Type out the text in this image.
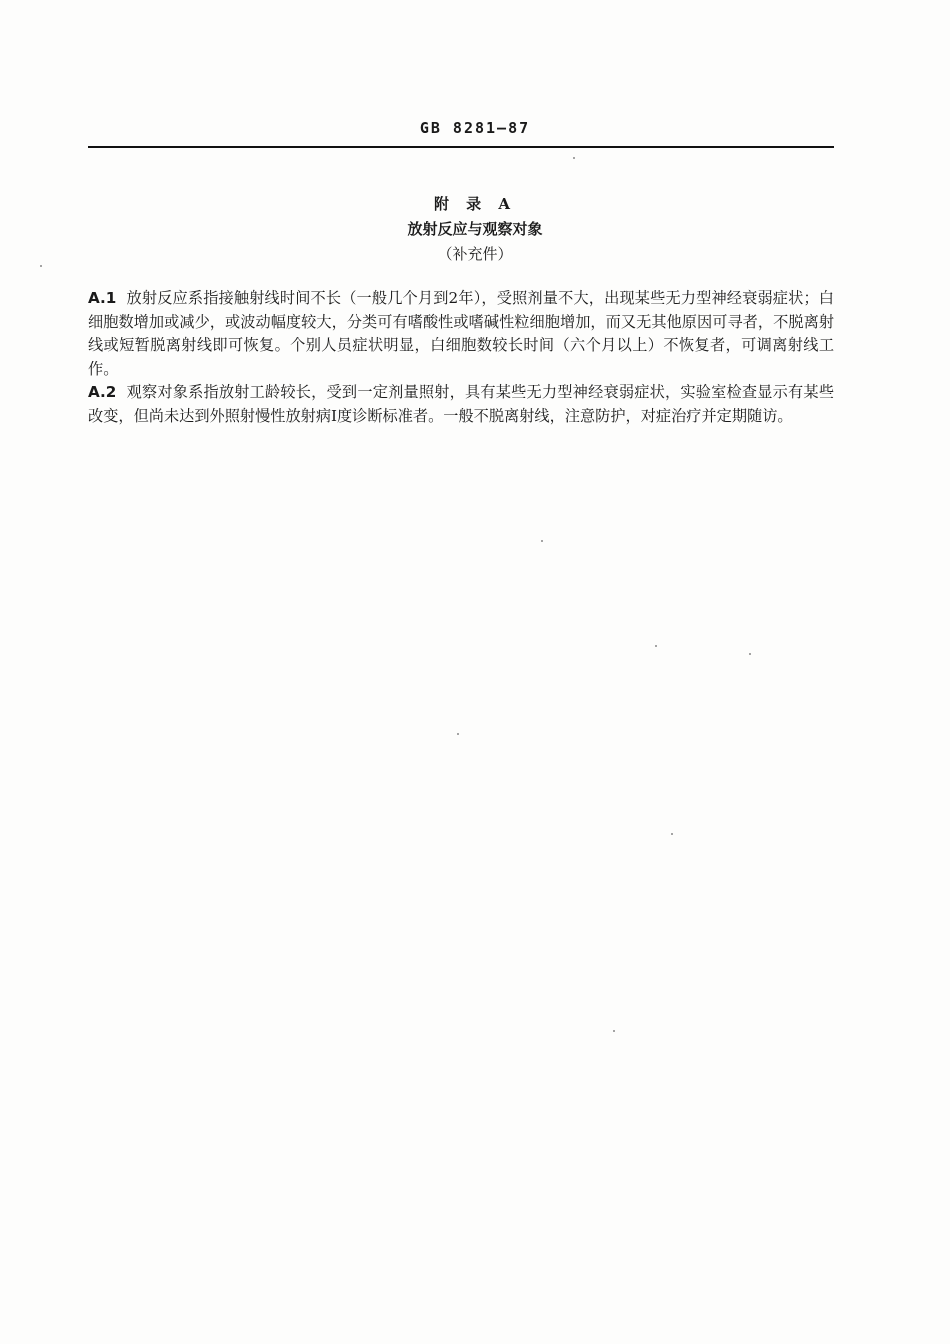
GB 8281—87
附 录 A
放射反应与观察对象
（补充件）

A.1 放射反应系指接触射线时间不长（一般几个月到2年），受照剂量不大，出现某些无力型神经衰弱症状；白细胞数增加或减少，或波动幅度较大，分类可有嗜酸性或嗜碱性粒细胞增加，而又无其他原因可寻者，不脱离射线或短暂脱离射线即可恢复。个别人员症状明显，白细胞数较长时间（六个月以上）不恢复者，可调离射线工作。

A.2 观察对象系指放射工龄较长，受到一定剂量照射，具有某些无力型神经衰弱症状，实验室检查显示有某些改变，但尚未达到外照射慢性放射病Ⅰ度诊断标准者。一般不脱离射线，注意防护，对症治疗并定期随访。
